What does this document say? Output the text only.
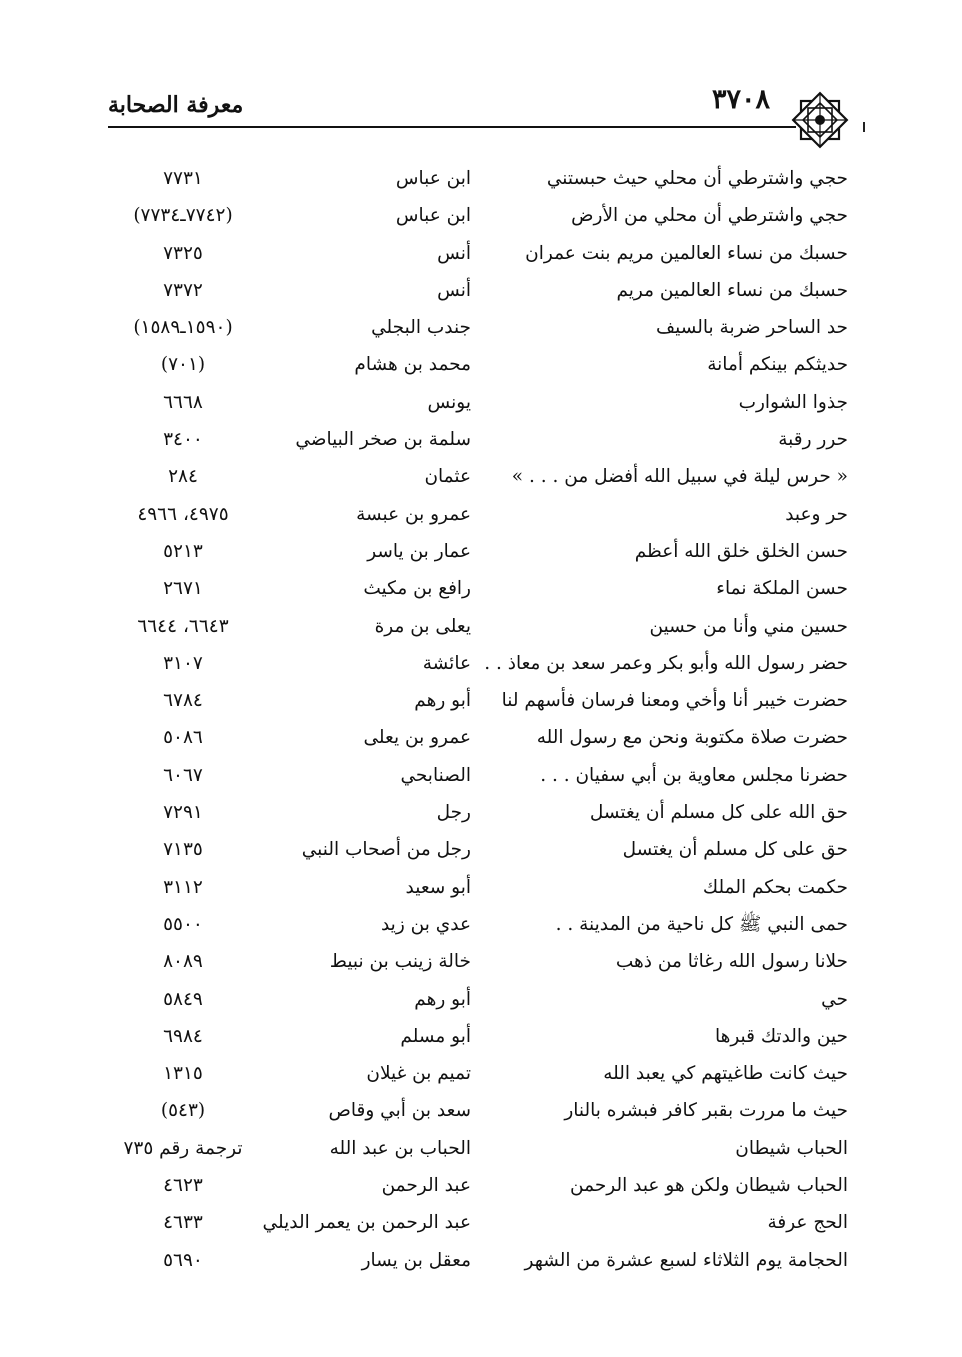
معرفة الصحابة	٣٧٠٨
حجي واشترطي أن محلي حيث حبستني
ابن عباس
٧٧٣١
حجي واشترطي أن محلي من الأرض
ابن عباس
(٧٧٤٢ـ٧٧٣٤)
حسبك من نساء العالمين مريم بنت عمران
أنس
٧٣٢٥
حسبك من نساء العالمين مريم
أنس
٧٣٧٢
حد الساحر ضربة بالسيف
جندب البجلي
(١٥٩٠ـ١٥٨٩)
حديثكم بينكم أمانة
محمد بن هشام
(٧٠١)
جذوا الشوارب
يونس
٦٦٦٨
حرر رقبة
سلمة بن صخر البياضي
٣٤٠٠
« حرس ليلة في سبيل الله أفضل من . . . »
عثمان
٢٨٤
حر وعبد
عمرو بن عبسة
٤٩٧٥، ٤٩٦٦
حسن الخلق خلق الله أعظم
عمار بن ياسر
٥٢١٣
حسن الملكة نماء
رافع بن مكيث
٢٦٧١
حسين مني وأنا من حسين
يعلى بن مرة
٦٦٤٣، ٦٦٤٤
حضر رسول الله وأبو بكر وعمر سعد بن معاذ . .
عائشة
٣١٠٧
حضرت خيبر أنا وأخي ومعنا فرسان فأسهم لنا
أبو رهم
٦٧٨٤
حضرت صلاة مكتوبة ونحن مع رسول الله
عمرو بن يعلى
٥٠٨٦
حضرنا مجلس معاوية بن أبي سفيان . . .
الصنابحي
٦٠٦٧
حق الله على كل مسلم أن يغتسل
رجل
٧٢٩١
حق على كل مسلم أن يغتسل
رجل من أصحاب النبي
٧١٣٥
حكمت بحكم الملك
أبو سعيد
٣١١٢
حمى النبي ﷺ كل ناحية من المدينة . .
عدي بن زيد
٥٥٠٠
حلانا رسول الله رغاثا من ذهب
خالة زينب بن نبيط
٨٠٨٩
حي
أبو رهم
٥٨٤٩
حين والدتك قبرها
أبو مسلم
٦٩٨٤
حيث كانت طاغيتهم كي يعبد الله
تميم بن غيلان
١٣١٥
حيث ما مررت بقبر كافر فبشره بالنار
سعد بن أبي وقاص
(٥٤٣)
الحباب شيطان
الحباب بن عبد الله
ترجمة رقم ٧٣٥
الحباب شيطان ولكن هو عبد الرحمن
عبد الرحمن
٤٦٢٣
الحج عرفة
عبد الرحمن بن يعمر الديلي
٤٦٣٣
الحجامة يوم الثلاثاء لسبع عشرة من الشهر
معقل بن يسار
٥٦٩٠
